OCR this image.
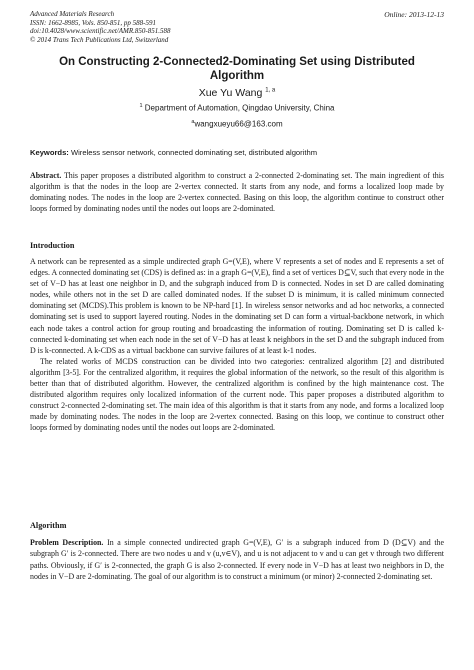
Advanced Materials Research
ISSN: 1662-8985, Vols. 850-851, pp 588-591
doi:10.4028/www.scientific.net/AMR.850-851.588
© 2014 Trans Tech Publications Ltd, Switzerland
Online: 2013-12-13
On Constructing 2-Connected2-Dominating Set using Distributed Algorithm
Xue Yu Wang $^{1, a}$
$^1$ Department of Automation, Qingdao University, China
$^a$wangxueyu66@163.com
Keywords: Wireless sensor network, connected dominating set, distributed algorithm
Abstract. This paper proposes a distributed algorithm to construct a 2-connected 2-dominating set. The main ingredient of this algorithm is that the nodes in the loop are 2-vertex connected. It starts from any node, and forms a localized loop made by dominating nodes. The nodes in the loop are 2-vertex connected. Basing on this loop, the algorithm continue to construct other loops formed by dominating nodes until the nodes out loops are 2-dominated.
Introduction

A network can be represented as a simple undirected graph G=(V,E), where V represents a set of nodes and E represents a set of edges. A connected dominating set (CDS) is defined as: in a graph G=(V,E), find a set of vertices D⊆V, such that every node in the set of V−D has at least one neighbor in D, and the subgraph induced from D is connected. Nodes in set D are called dominating nodes, while others not in the set D are called dominated nodes. If the subset D is minimum, it is called minimum connected dominating set (MCDS).This problem is known to be NP-hard [1]. In wireless sensor networks and ad hoc networks, a connected dominating set is used to support layered routing. Nodes in the dominating set D can form a virtual-backbone network, in which each node takes a control action for group routing and broadcasting the information of routing. Dominating set D is called k-connected k-dominating set when each node in the set of V−D has at least k neighbors in the set D and the subgraph induced from D is k-connected. A k-CDS as a virtual backbone can survive failures of at least k-1 nodes.

The related works of MCDS construction can be divided into two categories: centralized algorithm [2] and distributed algorithm [3-5]. For the centralized algorithm, it requires the global information of the network, so the result of this algorithm is better than that of distributed algorithm. However, the centralized algorithm is confined by the high maintenance cost. The distributed algorithm requires only localized information of the current node. This paper proposes a distributed algorithm to construct 2-connected 2-dominating set. The main idea of this algorithm is that it starts from any node, and forms a localized loop made by dominating nodes. The nodes in the loop are 2-vertex connected. Basing on this loop, we continue to construct other loops formed by dominating nodes until the nodes out loops are 2-dominated.

Algorithm

Problem Description. In a simple connected undirected graph G=(V,E), G′ is a subgraph induced from D (D⊆V) and the subgraph G′ is 2-connected. There are two nodes u and v (u,v∈V), and u is not adjacent to v and u can get v through two different paths. Obviously, if G′ is 2-connected, the graph G is also 2-connected. If every node in V−D has at least two neighbors in D, the nodes in V−D are 2-dominating. The goal of our algorithm is to construct a minimum (or minor) 2-connected 2-dominating set.
